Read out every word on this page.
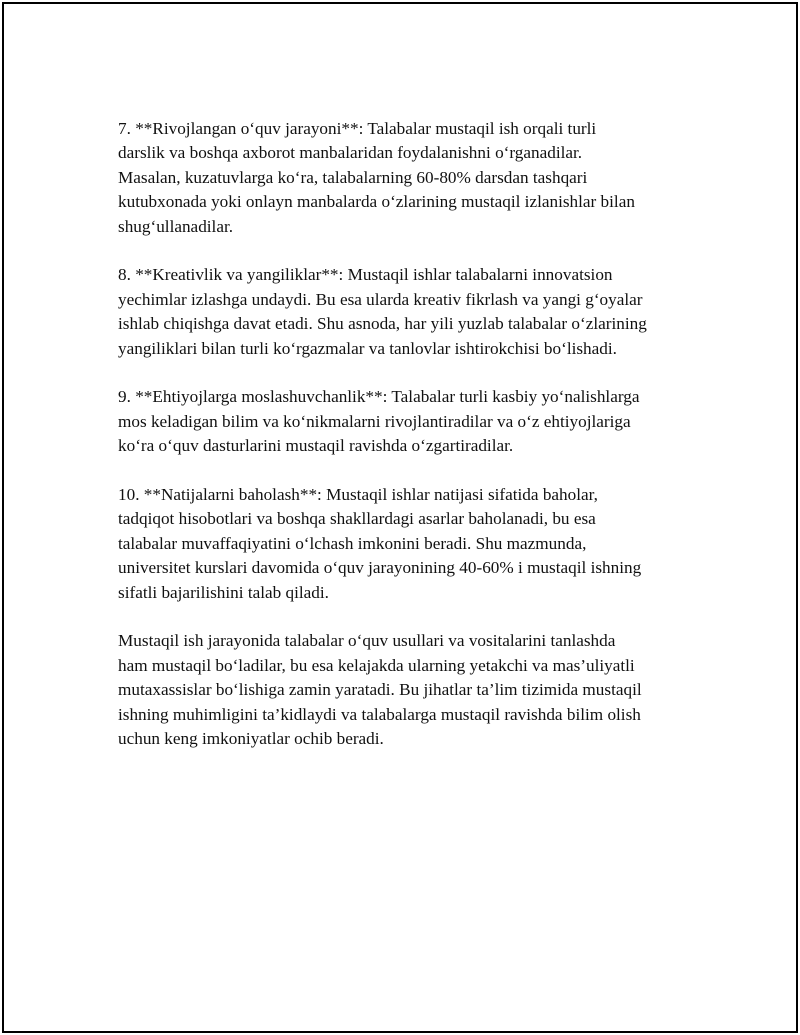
7. **Rivojlangan oʻquv jarayoni**: Talabalar mustaqil ish orqali turli
darslik va boshqa axborot manbalaridan foydalanishni oʻrganadilar.
Masalan, kuzatuvlarga koʻra, talabalarning 60-80% darsdan tashqari
kutubxonada yoki onlayn manbalarda oʻzlarining mustaqil izlanishlar bilan
shugʻullanadilar.

8. **Kreativlik va yangiliklar**: Mustaqil ishlar talabalarni innovatsion
yechimlar izlashga undaydi. Bu esa ularda kreativ fikrlash va yangi gʻoyalar
ishlab chiqishga davat etadi. Shu asnoda, har yili yuzlab talabalar oʻzlarining
yangiliklari bilan turli koʻrgazmalar va tanlovlar ishtirokchisi boʻlishadi.

9. **Ehtiyojlarga moslashuvchanlik**: Talabalar turli kasbiy yoʻnalishlarga
mos keladigan bilim va koʻnikmalarni rivojlantiradilar va oʻz ehtiyojlariga
koʻra oʻquv dasturlarini mustaqil ravishda oʻzgartiradilar.

10. **Natijalarni baholash**: Mustaqil ishlar natijasi sifatida baholar,
tadqiqot hisobotlari va boshqa shakllardagi asarlar baholanadi, bu esa
talabalar muvaffaqiyatini oʻlchash imkonini beradi. Shu mazmunda,
universitet kurslari davomida oʻquv jarayonining 40-60% i mustaqil ishning
sifatli bajarilishini talab qiladi.

Mustaqil ish jarayonida talabalar oʻquv usullari va vositalarini tanlashda
ham mustaqil boʻladilar, bu esa kelajakda ularning yetakchi va mas’uliyatli
mutaxassislar boʻlishiga zamin yaratadi. Bu jihatlar ta’lim tizimida mustaqil
ishning muhimligini ta’kidlaydi va talabalarga mustaqil ravishda bilim olish
uchun keng imkoniyatlar ochib beradi.
